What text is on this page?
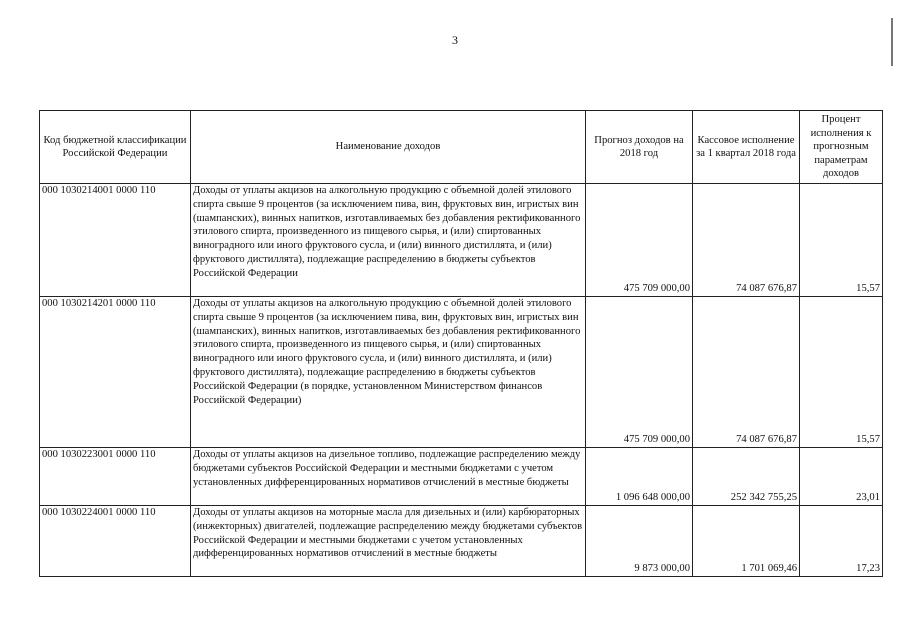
3
Код бюджетной классификации Российской Федерации	Наименование доходов	Прогноз доходов на 2018 год	Кассовое исполнение за 1 квартал 2018 года	Процент исполнения к прогнозным параметрам доходов
000 1030214001 0000 110	Доходы от уплаты акцизов на алкогольную продукцию с объемной долей этилового спирта свыше 9 процентов (за исключением пива, вин, фруктовых вин, игристых вин (шампанских), винных напитков, изготавливаемых без добавления ректификованного этилового спирта, произведенного из пищевого сырья, и (или) спиртованных виноградного или иного фруктового сусла, и (или) винного дистиллята, и (или) фруктового дистиллята), подлежащие распределению в бюджеты субъектов Российской Федерации	475 709 000,00	74 087 676,87	15,57
000 1030214201 0000 110	Доходы от уплаты акцизов на алкогольную продукцию с объемной долей этилового спирта свыше 9 процентов (за исключением пива, вин, фруктовых вин, игристых вин (шампанских), винных напитков, изготавливаемых без добавления ректификованного этилового спирта, произведенного из пищевого сырья, и (или) спиртованных виноградного или иного фруктового сусла, и (или) винного дистиллята, и (или) фруктового дистиллята), подлежащие распределению в бюджеты субъектов Российской Федерации (в порядке, установленном Министерством финансов Российской Федерации)	475 709 000,00	74 087 676,87	15,57
000 1030223001 0000 110	Доходы от уплаты акцизов на дизельное топливо, подлежащие распределению между бюджетами субъектов Российской Федерации и местными бюджетами с учетом установленных дифференцированных нормативов отчислений в местные бюджеты	1 096 648 000,00	252 342 755,25	23,01
000 1030224001 0000 110	Доходы от уплаты акцизов на моторные масла для дизельных и (или) карбюраторных (инжекторных) двигателей, подлежащие распределению между бюджетами субъектов Российской Федерации и местными бюджетами с учетом установленных дифференцированных нормативов отчислений в местные бюджеты	9 873 000,00	1 701 069,46	17,23
